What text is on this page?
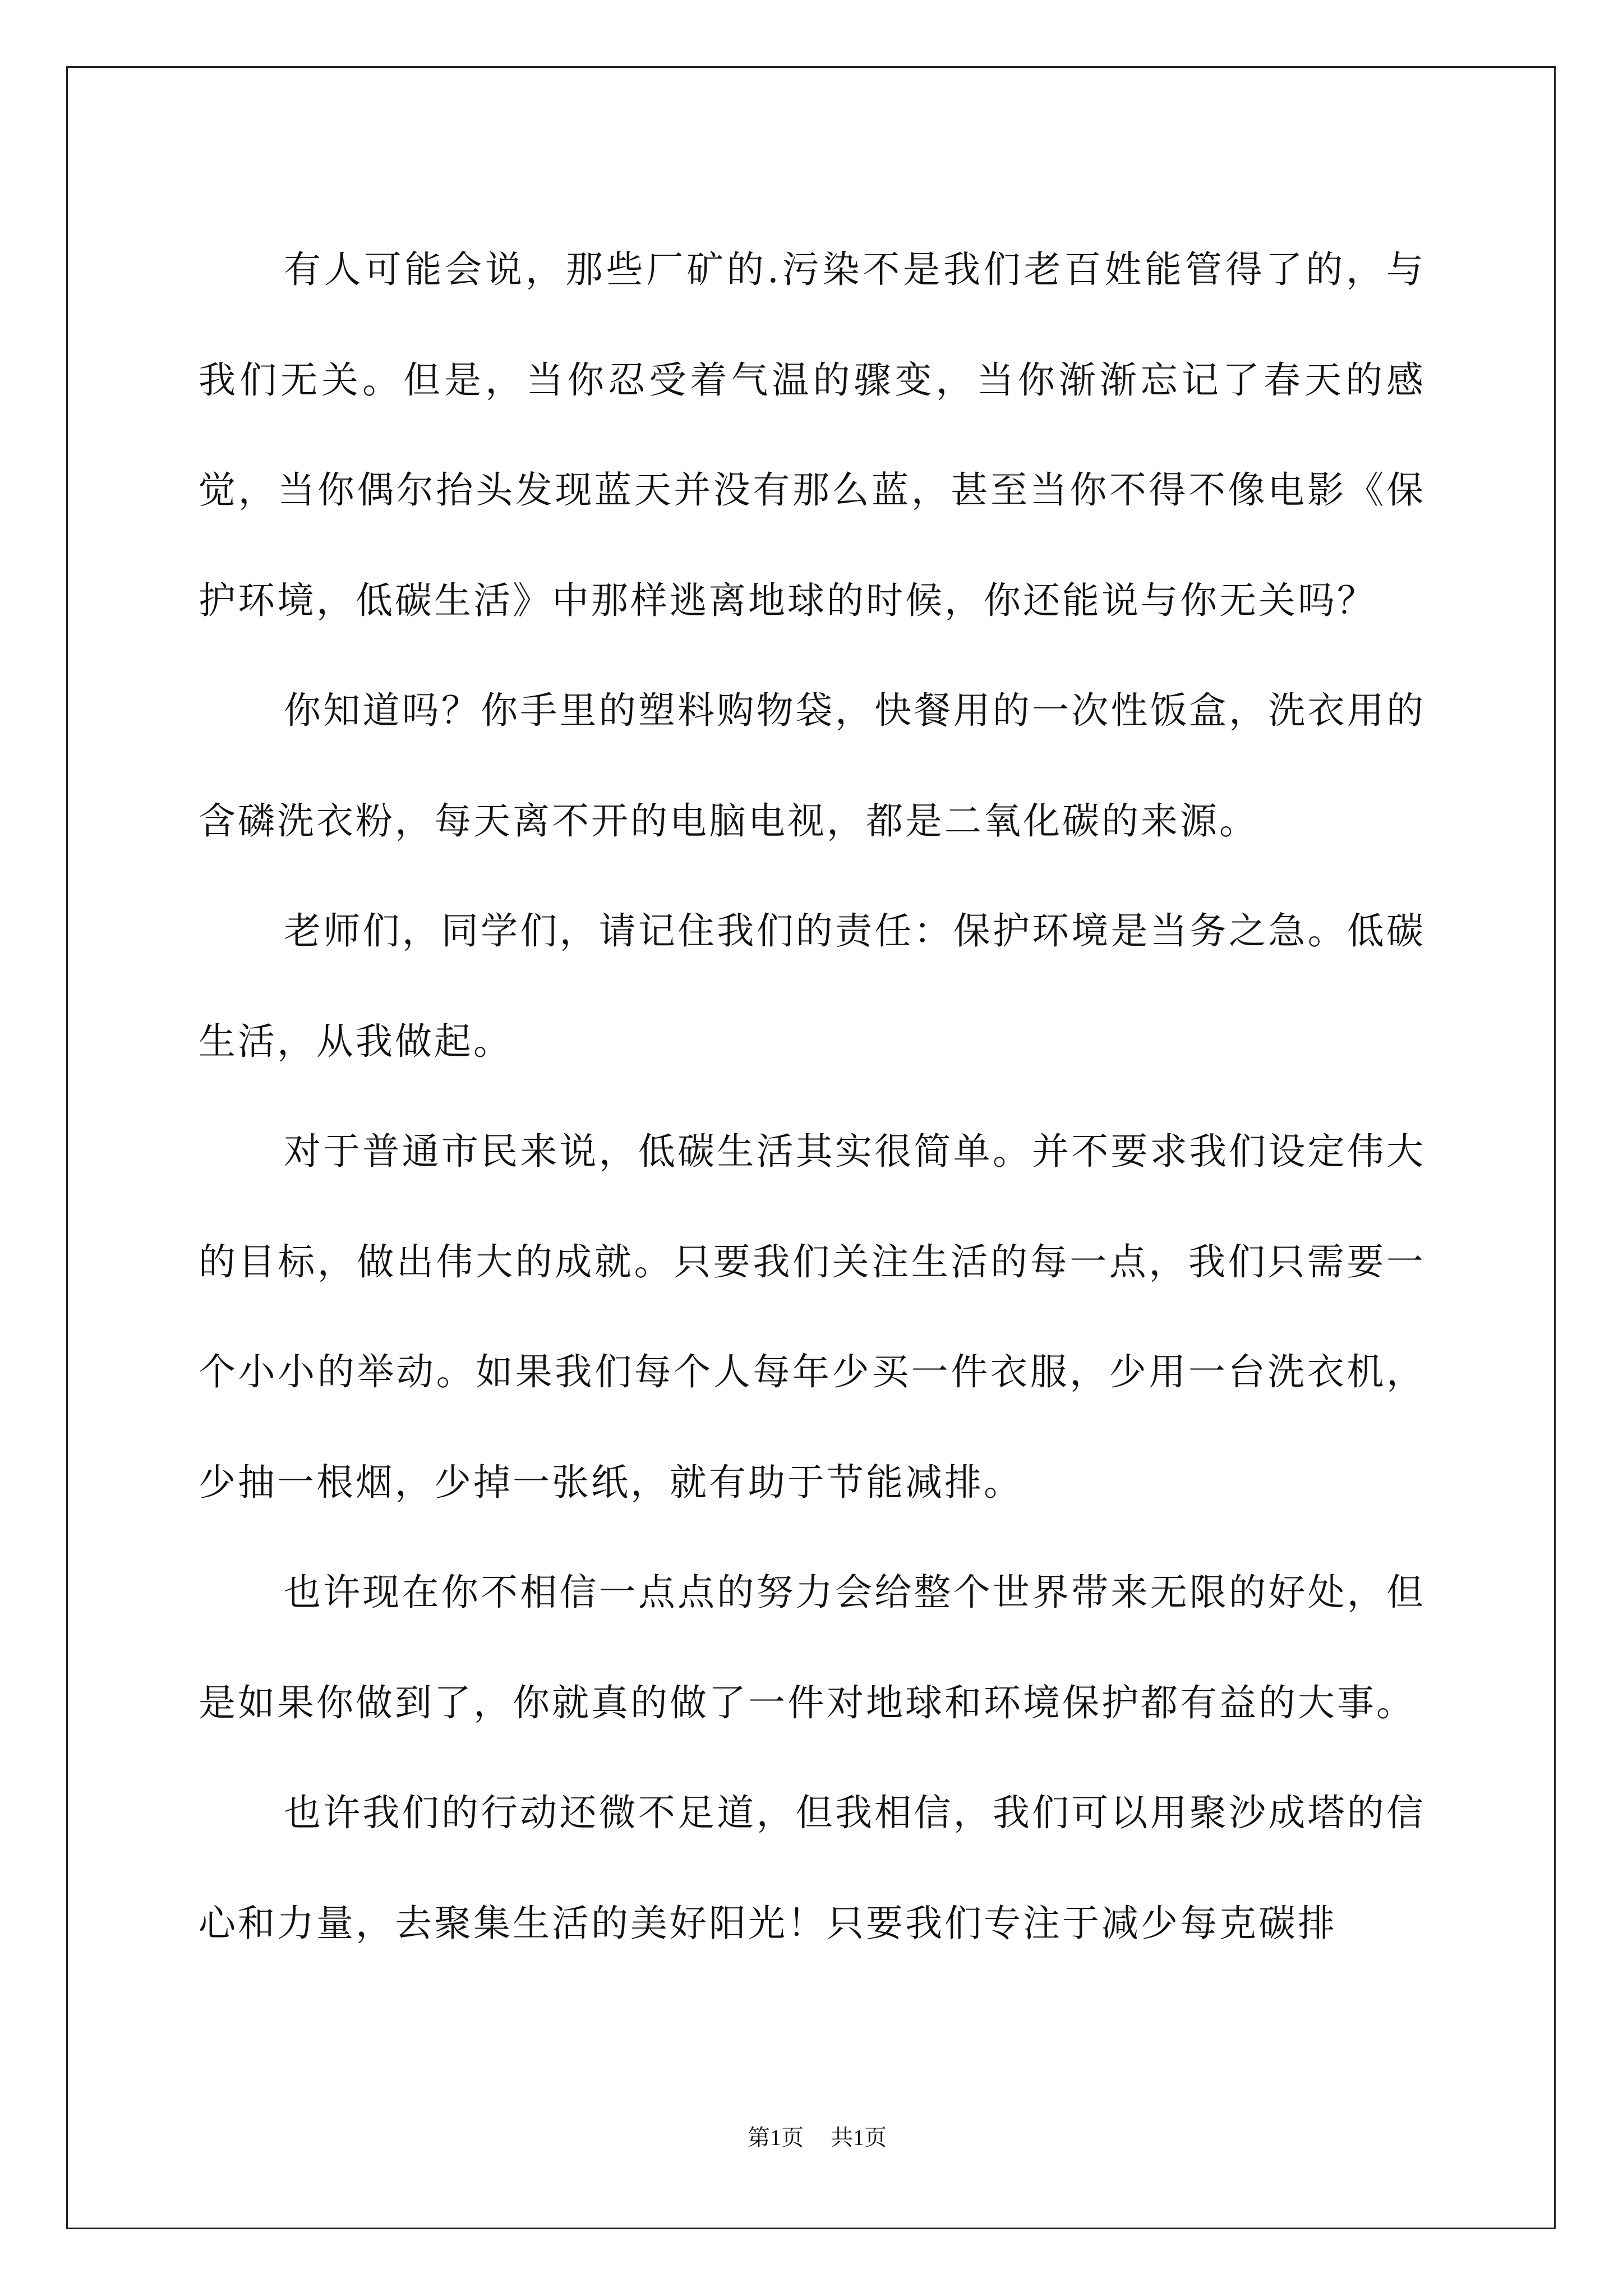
有人可能会说，那些厂矿的.污染不是我们老百姓能管得了的，与我们无关。但是，当你忍受着气温的骤变，当你渐渐忘记了春天的感觉，当你偶尔抬头发现蓝天并没有那么蓝，甚至当你不得不像电影《保护环境，低碳生活》中那样逃离地球的时候，你还能说与你无关吗？

你知道吗？你手里的塑料购物袋，快餐用的一次性饭盒，洗衣用的含磷洗衣粉，每天离不开的电脑电视，都是二氧化碳的来源。

老师们，同学们，请记住我们的责任：保护环境是当务之急。低碳生活，从我做起。

对于普通市民来说，低碳生活其实很简单。并不要求我们设定伟大的目标，做出伟大的成就。只要我们关注生活的每一点，我们只需要一个小小的举动。如果我们每个人每年少买一件衣服，少用一台洗衣机，少抽一根烟，少掉一张纸，就有助于节能减排。

也许现在你不相信一点点的努力会给整个世界带来无限的好处，但是如果你做到了，你就真的做了一件对地球和环境保护都有益的大事。

也许我们的行动还微不足道，但我相信，我们可以用聚沙成塔的信心和力量，去聚集生活的美好阳光！只要我们专注于减少每克碳排

第1页 共1页
